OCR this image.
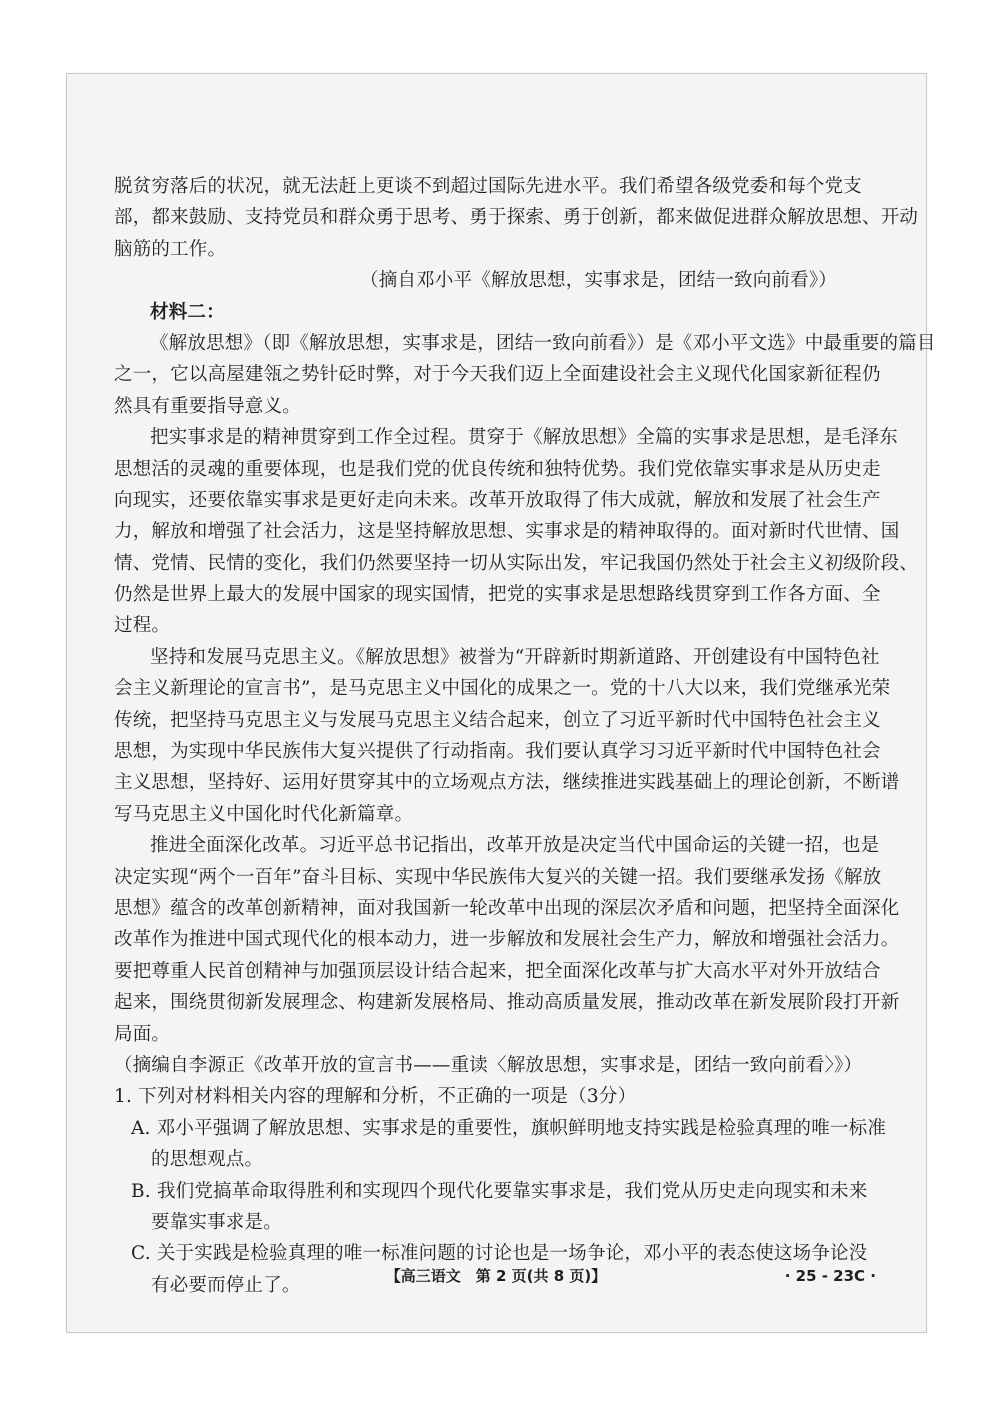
脱贫穷落后的状况，就无法赶上更谈不到超过国际先进水平。我们希望各级党委和每个党支
部，都来鼓励、支持党员和群众勇于思考、勇于探索、勇于创新，都来做促进群众解放思想、开动
脑筋的工作。
（摘自邓小平《解放思想，实事求是，团结一致向前看》）
材料二：
《解放思想》（即《解放思想，实事求是，团结一致向前看》）是《邓小平文选》中最重要的篇目
之一，它以高屋建瓴之势针砭时弊，对于今天我们迈上全面建设社会主义现代化国家新征程仍
然具有重要指导意义。
把实事求是的精神贯穿到工作全过程。贯穿于《解放思想》全篇的实事求是思想，是毛泽东
思想活的灵魂的重要体现，也是我们党的优良传统和独特优势。我们党依靠实事求是从历史走
向现实，还要依靠实事求是更好走向未来。改革开放取得了伟大成就，解放和发展了社会生产
力，解放和增强了社会活力，这是坚持解放思想、实事求是的精神取得的。面对新时代世情、国
情、党情、民情的变化，我们仍然要坚持一切从实际出发，牢记我国仍然处于社会主义初级阶段、
仍然是世界上最大的发展中国家的现实国情，把党的实事求是思想路线贯穿到工作各方面、全
过程。
坚持和发展马克思主义。《解放思想》被誉为“开辟新时期新道路、开创建设有中国特色社
会主义新理论的宣言书”，是马克思主义中国化的成果之一。党的十八大以来，我们党继承光荣
传统，把坚持马克思主义与发展马克思主义结合起来，创立了习近平新时代中国特色社会主义
思想，为实现中华民族伟大复兴提供了行动指南。我们要认真学习习近平新时代中国特色社会
主义思想，坚持好、运用好贯穿其中的立场观点方法，继续推进实践基础上的理论创新，不断谱
写马克思主义中国化时代化新篇章。
推进全面深化改革。习近平总书记指出，改革开放是决定当代中国命运的关键一招，也是
决定实现“两个一百年”奋斗目标、实现中华民族伟大复兴的关键一招。我们要继承发扬《解放
思想》蕴含的改革创新精神，面对我国新一轮改革中出现的深层次矛盾和问题，把坚持全面深化
改革作为推进中国式现代化的根本动力，进一步解放和发展社会生产力，解放和增强社会活力。
要把尊重人民首创精神与加强顶层设计结合起来，把全面深化改革与扩大高水平对外开放结合
起来，围绕贯彻新发展理念、构建新发展格局、推动高质量发展，推动改革在新发展阶段打开新
局面。
（摘编自李源正《改革开放的宣言书——重读〈解放思想，实事求是，团结一致向前看〉》）
1. 下列对材料相关内容的理解和分析，不正确的一项是（3分）
A. 邓小平强调了解放思想、实事求是的重要性，旗帜鲜明地支持实践是检验真理的唯一标准
的思想观点。
B. 我们党搞革命取得胜利和实现四个现代化要靠实事求是，我们党从历史走向现实和未来
要靠实事求是。
C. 关于实践是检验真理的唯一标准问题的讨论也是一场争论，邓小平的表态使这场争论没
有必要而停止了。	【高三语文　第 2 页(共 8 页)】	· 25 - 23C ·
